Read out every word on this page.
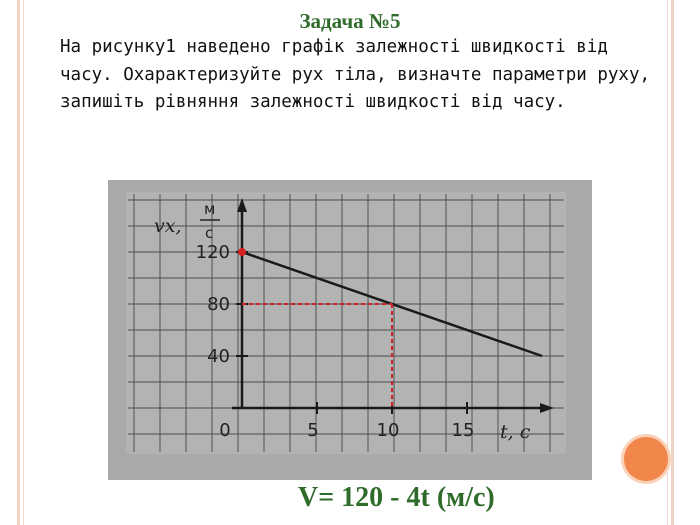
Задача №5
На рисунку1 наведено графік залежності швидкості від часу. Охарактеризуйте рух тіла, визначте параметри руху, запишіть рівняння залежності швидкості від часу.
40
80
120
0	5	10	15
vx,
м
с
t, c
V= 120 - 4t (м/с)
